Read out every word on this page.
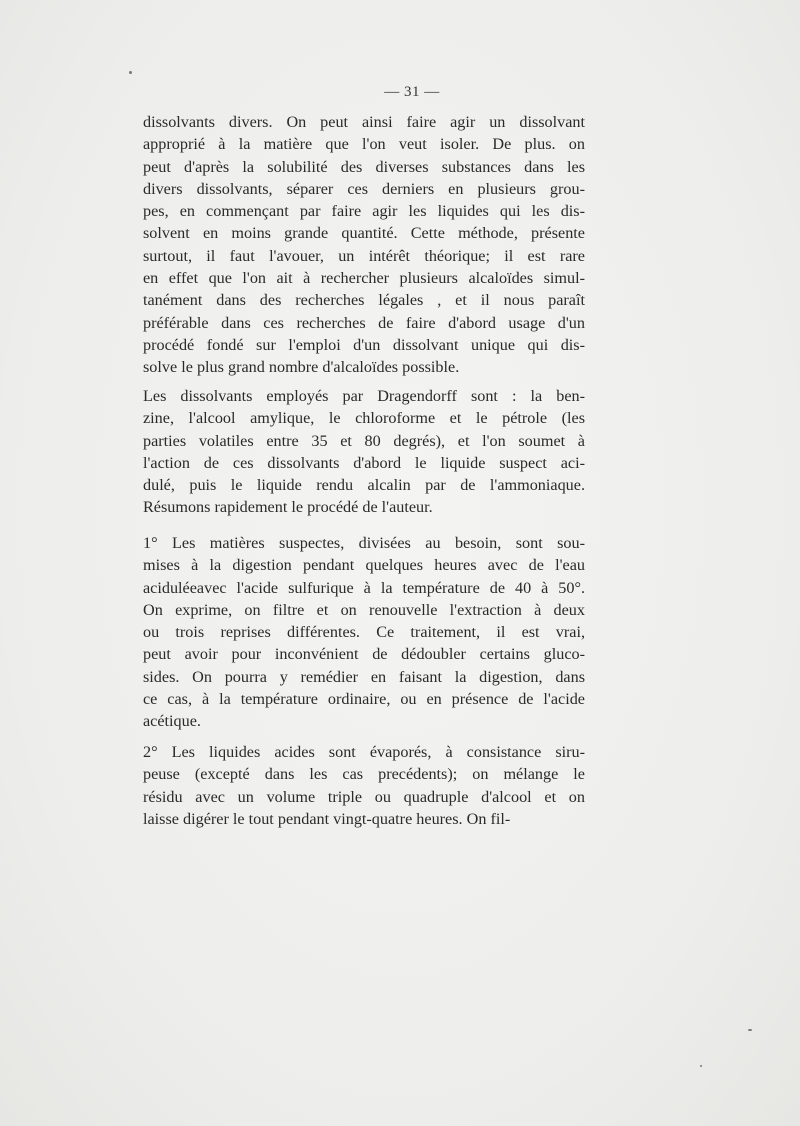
— 31 —
dissolvants divers. On peut ainsi faire agir un dissolvant
approprié à la matière que l'on veut isoler. De plus. on
peut d'après la solubilité des diverses substances dans les
divers dissolvants, séparer ces derniers en plusieurs grou-
pes, en commençant par faire agir les liquides qui les dis-
solvent en moins grande quantité. Cette méthode, présente
surtout, il faut l'avouer, un intérêt théorique; il est rare
en effet que l'on ait à rechercher plusieurs alcaloïdes simul-
tanément dans des recherches légales , et il nous paraît
préférable dans ces recherches de faire d'abord usage d'un
procédé fondé sur l'emploi d'un dissolvant unique qui dis-
solve le plus grand nombre d'alcaloïdes possible.
Les dissolvants employés par Dragendorff sont : la ben-
zine, l'alcool amylique, le chloroforme et le pétrole (les
parties volatiles entre 35 et 80 degrés), et l'on soumet à
l'action de ces dissolvants d'abord le liquide suspect aci-
dulé, puis le liquide rendu alcalin par de l'ammoniaque.
Résumons rapidement le procédé de l'auteur.
1° Les matières suspectes, divisées au besoin, sont sou-
mises à la digestion pendant quelques heures avec de l'eau
aciduléeavec l'acide sulfurique à la température de 40 à 50°.
On exprime, on filtre et on renouvelle l'extraction à deux
ou trois reprises différentes. Ce traitement, il est vrai,
peut avoir pour inconvénient de dédoubler certains gluco-
sides. On pourra y remédier en faisant la digestion, dans
ce cas, à la température ordinaire, ou en présence de l'acide
acétique.
2° Les liquides acides sont évaporés, à consistance siru-
peuse (excepté dans les cas precédents); on mélange le
résidu avec un volume triple ou quadruple d'alcool et on
laisse digérer le tout pendant vingt-quatre heures. On fil-
